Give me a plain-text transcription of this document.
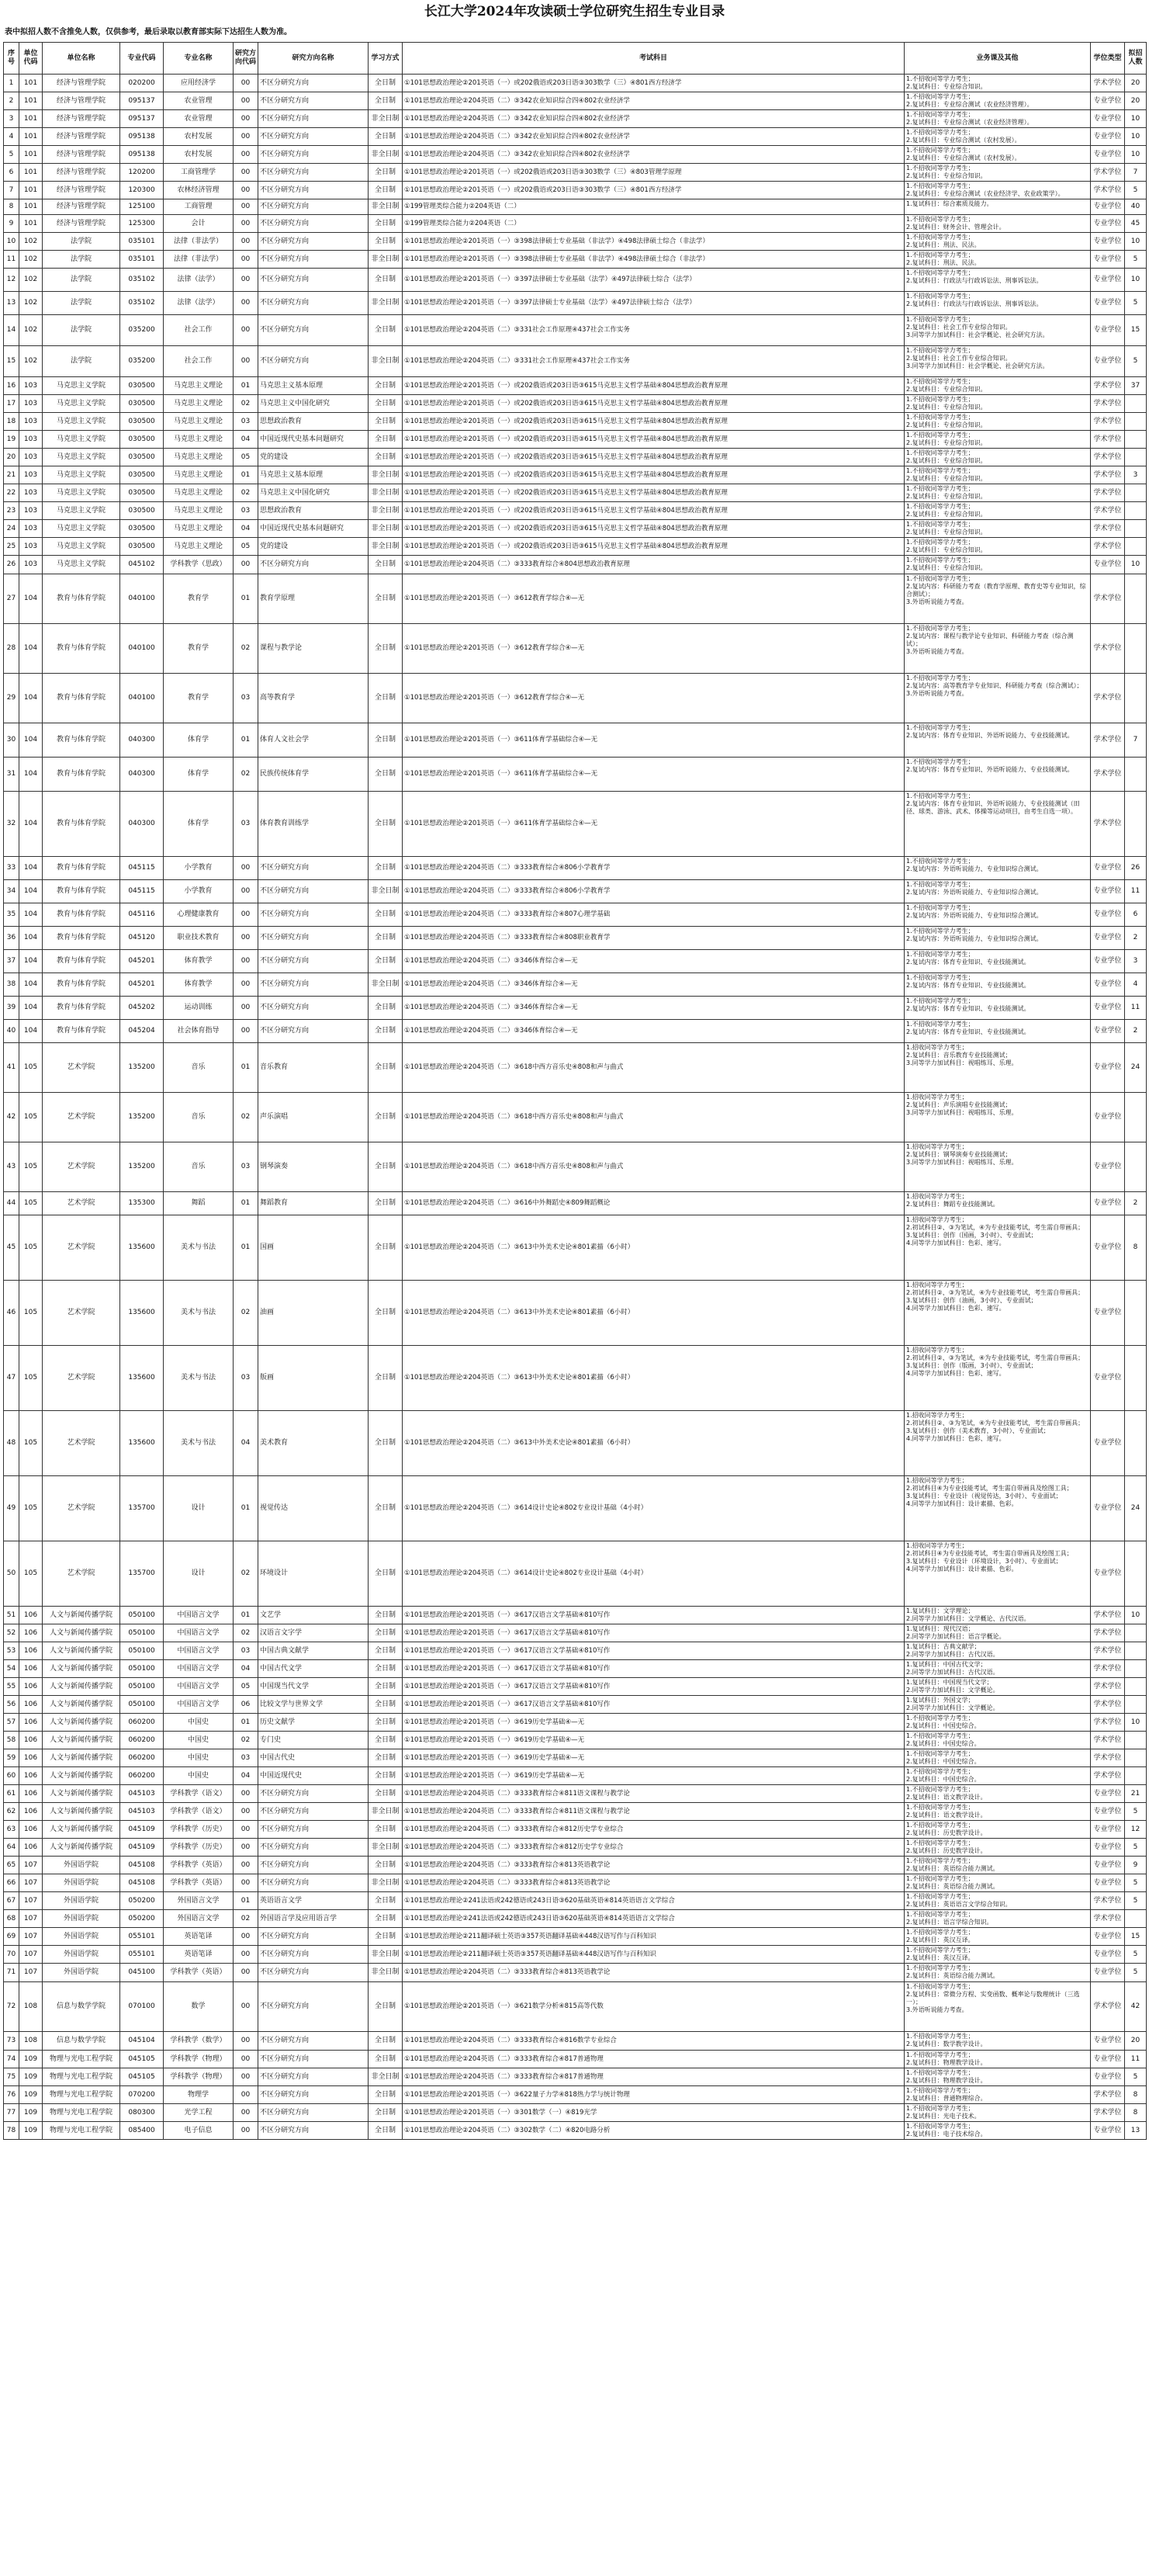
长江大学2024年攻读硕士学位研究生招生专业目录
表中拟招人数不含推免人数，仅供参考，最后录取以教育部实际下达招生人数为准。
序号	单位代码	单位名称	专业代码	专业名称	研究方向代码	研究方向名称	学习方式	考试科目	业务课及其他	学位类型	拟招人数
1	101	经济与管理学院	020200	应用经济学	00	不区分研究方向	全日制	①101思想政治理论②201英语（一）或202俄语或203日语③303数学（三）④801西方经济学	1.不招收同等学力考生；
2.复试科目：专业综合知识。	学术学位	20
2	101	经济与管理学院	095137	农业管理	00	不区分研究方向	全日制	①101思想政治理论②204英语（二）③342农业知识综合四④802农业经济学	1.不招收同等学力考生；
2.复试科目：专业综合测试（农业经济管理）。	专业学位	20
3	101	经济与管理学院	095137	农业管理	00	不区分研究方向	非全日制	①101思想政治理论②204英语（二）③342农业知识综合四④802农业经济学	1.不招收同等学力考生；
2.复试科目：专业综合测试（农业经济管理）。	专业学位	10
4	101	经济与管理学院	095138	农村发展	00	不区分研究方向	全日制	①101思想政治理论②204英语（二）③342农业知识综合四④802农业经济学	1.不招收同等学力考生；
2.复试科目：专业综合测试（农村发展）。	专业学位	10
5	101	经济与管理学院	095138	农村发展	00	不区分研究方向	非全日制	①101思想政治理论②204英语（二）③342农业知识综合四④802农业经济学	1.不招收同等学力考生；
2.复试科目：专业综合测试（农村发展）。	专业学位	10
6	101	经济与管理学院	120200	工商管理学	00	不区分研究方向	全日制	①101思想政治理论②201英语（一）或202俄语或203日语③303数学（三）④803管理学原理	1.不招收同等学力考生；
2.复试科目：专业综合知识。	学术学位	7
7	101	经济与管理学院	120300	农林经济管理	00	不区分研究方向	全日制	①101思想政治理论②201英语（一）或202俄语或203日语③303数学（三）④801西方经济学	1.不招收同等学力考生；
2.复试科目：专业综合测试（农业经济学、农业政策学）。	学术学位	5
8	101	经济与管理学院	125100	工商管理	00	不区分研究方向	非全日制	①199管理类综合能力②204英语（二）	1.复试科目：综合素质及能力。	专业学位	40
9	101	经济与管理学院	125300	会计	00	不区分研究方向	全日制	①199管理类综合能力②204英语（二）	1.不招收同等学力考生；
2.复试科目：财务会计、管理会计。	专业学位	45
10	102	法学院	035101	法律（非法学）	00	不区分研究方向	全日制	①101思想政治理论②201英语（一）③398法律硕士专业基础（非法学）④498法律硕士综合（非法学）	1.不招收同等学力考生；
2.复试科目：刑法、民法。	专业学位	10
11	102	法学院	035101	法律（非法学）	00	不区分研究方向	非全日制	①101思想政治理论②201英语（一）③398法律硕士专业基础（非法学）④498法律硕士综合（非法学）	1.不招收同等学力考生；
2.复试科目：刑法、民法。	专业学位	5
12	102	法学院	035102	法律（法学）	00	不区分研究方向	全日制	①101思想政治理论②201英语（一）③397法律硕士专业基础（法学）④497法律硕士综合（法学）	1.不招收同等学力考生；
2.复试科目：行政法与行政诉讼法、刑事诉讼法。	专业学位	10
13	102	法学院	035102	法律（法学）	00	不区分研究方向	非全日制	①101思想政治理论②201英语（一）③397法律硕士专业基础（法学）④497法律硕士综合（法学）	1.不招收同等学力考生；
2.复试科目：行政法与行政诉讼法、刑事诉讼法。	专业学位	5
14	102	法学院	035200	社会工作	00	不区分研究方向	全日制	①101思想政治理论②204英语（二）③331社会工作原理④437社会工作实务	1.不招收同等学力考生；
2.复试科目：社会工作专业综合知识。
3.同等学力加试科目：社会学概论、社会研究方法。	专业学位	15
15	102	法学院	035200	社会工作	00	不区分研究方向	非全日制	①101思想政治理论②204英语（二）③331社会工作原理④437社会工作实务	1.不招收同等学力考生；
2.复试科目：社会工作专业综合知识。
3.同等学力加试科目：社会学概论、社会研究方法。	专业学位	5
16	103	马克思主义学院	030500	马克思主义理论	01	马克思主义基本原理	全日制	①101思想政治理论②201英语（一）或202俄语或203日语③615马克思主义哲学基础④804思想政治教育原理	1.不招收同等学力考生；
2.复试科目：专业综合知识。	学术学位	37
17	103	马克思主义学院	030500	马克思主义理论	02	马克思主义中国化研究	全日制	①101思想政治理论②201英语（一）或202俄语或203日语③615马克思主义哲学基础④804思想政治教育原理	1.不招收同等学力考生；
2.复试科目：专业综合知识。	学术学位	
18	103	马克思主义学院	030500	马克思主义理论	03	思想政治教育	全日制	①101思想政治理论②201英语（一）或202俄语或203日语③615马克思主义哲学基础④804思想政治教育原理	1.不招收同等学力考生；
2.复试科目：专业综合知识。	学术学位	
19	103	马克思主义学院	030500	马克思主义理论	04	中国近现代史基本问题研究	全日制	①101思想政治理论②201英语（一）或202俄语或203日语③615马克思主义哲学基础④804思想政治教育原理	1.不招收同等学力考生；
2.复试科目：专业综合知识。	学术学位	
20	103	马克思主义学院	030500	马克思主义理论	05	党的建设	全日制	①101思想政治理论②201英语（一）或202俄语或203日语③615马克思主义哲学基础④804思想政治教育原理	1.不招收同等学力考生；
2.复试科目：专业综合知识。	学术学位	
21	103	马克思主义学院	030500	马克思主义理论	01	马克思主义基本原理	非全日制	①101思想政治理论②201英语（一）或202俄语或203日语③615马克思主义哲学基础④804思想政治教育原理	1.不招收同等学力考生；
2.复试科目：专业综合知识。	学术学位	3
22	103	马克思主义学院	030500	马克思主义理论	02	马克思主义中国化研究	非全日制	①101思想政治理论②201英语（一）或202俄语或203日语③615马克思主义哲学基础④804思想政治教育原理	1.不招收同等学力考生；
2.复试科目：专业综合知识。	学术学位	
23	103	马克思主义学院	030500	马克思主义理论	03	思想政治教育	非全日制	①101思想政治理论②201英语（一）或202俄语或203日语③615马克思主义哲学基础④804思想政治教育原理	1.不招收同等学力考生；
2.复试科目：专业综合知识。	学术学位	
24	103	马克思主义学院	030500	马克思主义理论	04	中国近现代史基本问题研究	非全日制	①101思想政治理论②201英语（一）或202俄语或203日语③615马克思主义哲学基础④804思想政治教育原理	1.不招收同等学力考生；
2.复试科目：专业综合知识。	学术学位	
25	103	马克思主义学院	030500	马克思主义理论	05	党的建设	非全日制	①101思想政治理论②201英语（一）或202俄语或203日语③615马克思主义哲学基础④804思想政治教育原理	1.不招收同等学力考生；
2.复试科目：专业综合知识。	学术学位	
26	103	马克思主义学院	045102	学科教学（思政）	00	不区分研究方向	全日制	①101思想政治理论②204英语（二）③333教育综合④804思想政治教育原理	1.不招收同等学力考生；
2.复试科目：专业综合知识。	专业学位	10
27	104	教育与体育学院	040100	教育学	01	教育学原理	全日制	①101思想政治理论②201英语（一）③612教育学综合④—无	1.不招收同等学力考生；
2.复试内容：科研能力考查（教育学原理、教育史等专业知识，综合测试）；
3.外语听说能力考查。	学术学位	
28	104	教育与体育学院	040100	教育学	02	课程与教学论	全日制	①101思想政治理论②201英语（一）③612教育学综合④—无	1.不招收同等学力考生；
2.复试内容：课程与教学论专业知识、科研能力考查（综合测试）；
3.外语听说能力考查。	学术学位	
29	104	教育与体育学院	040100	教育学	03	高等教育学	全日制	①101思想政治理论②201英语（一）③612教育学综合④—无	1.不招收同等学力考生；
2.复试内容：高等教育学专业知识、科研能力考查（综合测试）；
3.外语听说能力考查。	学术学位	
30	104	教育与体育学院	040300	体育学	01	体育人文社会学	全日制	①101思想政治理论②201英语（一）③611体育学基础综合④—无	1.不招收同等学力考生；
2.复试内容：体育专业知识、外语听说能力、专业技能测试。	学术学位	7
31	104	教育与体育学院	040300	体育学	02	民族传统体育学	全日制	①101思想政治理论②201英语（一）③611体育学基础综合④—无	1.不招收同等学力考生；
2.复试内容：体育专业知识、外语听说能力、专业技能测试。	学术学位	
32	104	教育与体育学院	040300	体育学	03	体育教育训练学	全日制	①101思想政治理论②201英语（一）③611体育学基础综合④—无	1.不招收同等学力考生；
2.复试内容：体育专业知识、外语听说能力、专业技能测试（田径、球类、游泳、武术、体操等运动项目，由考生自选一项）。	学术学位	
33	104	教育与体育学院	045115	小学教育	00	不区分研究方向	全日制	①101思想政治理论②204英语（二）③333教育综合④806小学教育学	1.不招收同等学力考生；
2.复试内容：外语听说能力、专业知识综合测试。	专业学位	26
34	104	教育与体育学院	045115	小学教育	00	不区分研究方向	非全日制	①101思想政治理论②204英语（二）③333教育综合④806小学教育学	1.不招收同等学力考生；
2.复试内容：外语听说能力、专业知识综合测试。	专业学位	11
35	104	教育与体育学院	045116	心理健康教育	00	不区分研究方向	全日制	①101思想政治理论②204英语（二）③333教育综合④807心理学基础	1.不招收同等学力考生；
2.复试内容：外语听说能力、专业知识综合测试。	专业学位	6
36	104	教育与体育学院	045120	职业技术教育	00	不区分研究方向	全日制	①101思想政治理论②204英语（二）③333教育综合④808职业教育学	1.不招收同等学力考生；
2.复试内容：外语听说能力、专业知识综合测试。	专业学位	2
37	104	教育与体育学院	045201	体育教学	00	不区分研究方向	全日制	①101思想政治理论②204英语（二）③346体育综合④—无	1.不招收同等学力考生；
2.复试内容：体育专业知识、专业技能测试。	专业学位	3
38	104	教育与体育学院	045201	体育教学	00	不区分研究方向	非全日制	①101思想政治理论②204英语（二）③346体育综合④—无	1.不招收同等学力考生；
2.复试内容：体育专业知识、专业技能测试。	专业学位	4
39	104	教育与体育学院	045202	运动训练	00	不区分研究方向	全日制	①101思想政治理论②204英语（二）③346体育综合④—无	1.不招收同等学力考生；
2.复试内容：体育专业知识、专业技能测试。	专业学位	11
40	104	教育与体育学院	045204	社会体育指导	00	不区分研究方向	全日制	①101思想政治理论②204英语（二）③346体育综合④—无	1.不招收同等学力考生；
2.复试内容：体育专业知识、专业技能测试。	专业学位	2
41	105	艺术学院	135200	音乐	01	音乐教育	全日制	①101思想政治理论②204英语（二）③618中西方音乐史④808和声与曲式	1.招收同等学力考生；
2.复试科目：音乐教育专业技能测试；
3.同等学力加试科目：视唱练耳、乐理。	专业学位	24
42	105	艺术学院	135200	音乐	02	声乐演唱	全日制	①101思想政治理论②204英语（二）③618中西方音乐史④808和声与曲式	1.招收同等学力考生；
2.复试科目：声乐演唱专业技能测试；
3.同等学力加试科目：视唱练耳、乐理。	专业学位	
43	105	艺术学院	135200	音乐	03	钢琴演奏	全日制	①101思想政治理论②204英语（二）③618中西方音乐史④808和声与曲式	1.招收同等学力考生；
2.复试科目：钢琴演奏专业技能测试；
3.同等学力加试科目：视唱练耳、乐理。	专业学位	
44	105	艺术学院	135300	舞蹈	01	舞蹈教育	全日制	①101思想政治理论②204英语（二）③616中外舞蹈史④809舞蹈概论	1.招收同等学力考生；
2.复试科目：舞蹈专业技能测试。	专业学位	2
45	105	艺术学院	135600	美术与书法	01	国画	全日制	①101思想政治理论②204英语（二）③613中外美术史论④801素描（6小时）	1.招收同等学力考生；
2.初试科目②、③为笔试，④为专业技能考试，考生需自带画具；
3.复试科目：创作（国画，3小时）、专业面试；
4.同等学力加试科目：色彩、速写。	专业学位	8
46	105	艺术学院	135600	美术与书法	02	油画	全日制	①101思想政治理论②204英语（二）③613中外美术史论④801素描（6小时）	1.招收同等学力考生；
2.初试科目②、③为笔试，④为专业技能考试，考生需自带画具；
3.复试科目：创作（油画，3小时）、专业面试；
4.同等学力加试科目：色彩、速写。	专业学位	
47	105	艺术学院	135600	美术与书法	03	版画	全日制	①101思想政治理论②204英语（二）③613中外美术史论④801素描（6小时）	1.招收同等学力考生；
2.初试科目②、③为笔试，④为专业技能考试，考生需自带画具；
3.复试科目：创作（版画，3小时）、专业面试；
4.同等学力加试科目：色彩、速写。	专业学位	
48	105	艺术学院	135600	美术与书法	04	美术教育	全日制	①101思想政治理论②204英语（二）③613中外美术史论④801素描（6小时）	1.招收同等学力考生；
2.初试科目②、③为笔试，④为专业技能考试，考生需自带画具；
3.复试科目：创作（美术教育，3小时）、专业面试；
4.同等学力加试科目：色彩、速写。	专业学位	
49	105	艺术学院	135700	设计	01	视觉传达	全日制	①101思想政治理论②204英语（二）③614设计史论④802专业设计基础（4小时）	1.招收同等学力考生；
2.初试科目④为专业技能考试，考生需自带画具及绘图工具；
3.复试科目：专业设计（视觉传达，3小时）、专业面试；
4.同等学力加试科目：设计素描、色彩。	专业学位	24
50	105	艺术学院	135700	设计	02	环境设计	全日制	①101思想政治理论②204英语（二）③614设计史论④802专业设计基础（4小时）	1.招收同等学力考生；
2.初试科目④为专业技能考试，考生需自带画具及绘图工具；
3.复试科目：专业设计（环境设计，3小时）、专业面试；
4.同等学力加试科目：设计素描、色彩。	专业学位	
51	106	人文与新闻传播学院	050100	中国语言文学	01	文艺学	全日制	①101思想政治理论②201英语（一）③617汉语言文学基础④810写作	1.复试科目：文学理论；
2.同等学力加试科目：文学概论、古代汉语。	学术学位	10
52	106	人文与新闻传播学院	050100	中国语言文学	02	汉语言文字学	全日制	①101思想政治理论②201英语（一）③617汉语言文学基础④810写作	1.复试科目：现代汉语；
2.同等学力加试科目：语言学概论。	学术学位	
53	106	人文与新闻传播学院	050100	中国语言文学	03	中国古典文献学	全日制	①101思想政治理论②201英语（一）③617汉语言文学基础④810写作	1.复试科目：古典文献学；
2.同等学力加试科目：古代汉语。	学术学位	
54	106	人文与新闻传播学院	050100	中国语言文学	04	中国古代文学	全日制	①101思想政治理论②201英语（一）③617汉语言文学基础④810写作	1.复试科目：中国古代文学；
2.同等学力加试科目：古代汉语。	学术学位	
55	106	人文与新闻传播学院	050100	中国语言文学	05	中国现当代文学	全日制	①101思想政治理论②201英语（一）③617汉语言文学基础④810写作	1.复试科目：中国现当代文学；
2.同等学力加试科目：文学概论。	学术学位	
56	106	人文与新闻传播学院	050100	中国语言文学	06	比较文学与世界文学	全日制	①101思想政治理论②201英语（一）③617汉语言文学基础④810写作	1.复试科目：外国文学；
2.同等学力加试科目：文学概论。	学术学位	
57	106	人文与新闻传播学院	060200	中国史	01	历史文献学	全日制	①101思想政治理论②201英语（一）③619历史学基础④—无	1.不招收同等学力考生；
2.复试科目：中国史综合。	学术学位	10
58	106	人文与新闻传播学院	060200	中国史	02	专门史	全日制	①101思想政治理论②201英语（一）③619历史学基础④—无	1.不招收同等学力考生；
2.复试科目：中国史综合。	学术学位	
59	106	人文与新闻传播学院	060200	中国史	03	中国古代史	全日制	①101思想政治理论②201英语（一）③619历史学基础④—无	1.不招收同等学力考生；
2.复试科目：中国史综合。	学术学位	
60	106	人文与新闻传播学院	060200	中国史	04	中国近现代史	全日制	①101思想政治理论②201英语（一）③619历史学基础④—无	1.不招收同等学力考生；
2.复试科目：中国史综合。	学术学位	
61	106	人文与新闻传播学院	045103	学科教学（语文）	00	不区分研究方向	全日制	①101思想政治理论②204英语（二）③333教育综合④811语文课程与教学论	1.不招收同等学力考生；
2.复试科目：语文教学设计。	专业学位	21
62	106	人文与新闻传播学院	045103	学科教学（语文）	00	不区分研究方向	非全日制	①101思想政治理论②204英语（二）③333教育综合④811语文课程与教学论	1.不招收同等学力考生；
2.复试科目：语文教学设计。	专业学位	5
63	106	人文与新闻传播学院	045109	学科教学（历史）	00	不区分研究方向	全日制	①101思想政治理论②204英语（二）③333教育综合④812历史学专业综合	1.不招收同等学力考生；
2.复试科目：历史教学设计。	专业学位	12
64	106	人文与新闻传播学院	045109	学科教学（历史）	00	不区分研究方向	非全日制	①101思想政治理论②204英语（二）③333教育综合④812历史学专业综合	1.不招收同等学力考生；
2.复试科目：历史教学设计。	专业学位	5
65	107	外国语学院	045108	学科教学（英语）	00	不区分研究方向	全日制	①101思想政治理论②204英语（二）③333教育综合④813英语教学论	1.不招收同等学力考生；
2.复试科目：英语综合能力测试。	专业学位	9
66	107	外国语学院	045108	学科教学（英语）	00	不区分研究方向	非全日制	①101思想政治理论②204英语（二）③333教育综合④813英语教学论	1.不招收同等学力考生；
2.复试科目：英语综合能力测试。	专业学位	5
67	107	外国语学院	050200	外国语言文学	01	英语语言文学	全日制	①101思想政治理论②241法语或242德语或243日语③620基础英语④814英语语言文学综合	1.不招收同等学力考生；
2.复试科目：英语语言文学综合知识。	学术学位	5
68	107	外国语学院	050200	外国语言文学	02	外国语言学及应用语言学	全日制	①101思想政治理论②241法语或242德语或243日语③620基础英语④814英语语言文学综合	1.不招收同等学力考生；
2.复试科目：语言学综合知识。	学术学位	
69	107	外国语学院	055101	英语笔译	00	不区分研究方向	全日制	①101思想政治理论②211翻译硕士英语③357英语翻译基础④448汉语写作与百科知识	1.不招收同等学力考生；
2.复试科目：英汉互译。	专业学位	15
70	107	外国语学院	055101	英语笔译	00	不区分研究方向	非全日制	①101思想政治理论②211翻译硕士英语③357英语翻译基础④448汉语写作与百科知识	1.不招收同等学力考生；
2.复试科目：英汉互译。	专业学位	5
71	107	外国语学院	045100	学科教学（英语）	00	不区分研究方向	非全日制	①101思想政治理论②204英语（二）③333教育综合④813英语教学论	1.不招收同等学力考生；
2.复试科目：英语综合能力测试。	专业学位	5
72	108	信息与数学学院	070100	数学	00	不区分研究方向	全日制	①101思想政治理论②201英语（一）③621数学分析④815高等代数	1.不招收同等学力考生；
2.复试科目：常微分方程、实变函数、概率论与数理统计（三选一）；
3.外语听说能力考查。	学术学位	42
73	108	信息与数学学院	045104	学科教学（数学）	00	不区分研究方向	全日制	①101思想政治理论②204英语（二）③333教育综合④816数学专业综合	1.不招收同等学力考生；
2.复试科目：数学教学设计。	专业学位	20
74	109	物理与光电工程学院	045105	学科教学（物理）	00	不区分研究方向	全日制	①101思想政治理论②204英语（二）③333教育综合④817普通物理	1.不招收同等学力考生；
2.复试科目：物理教学设计。	专业学位	11
75	109	物理与光电工程学院	045105	学科教学（物理）	00	不区分研究方向	非全日制	①101思想政治理论②204英语（二）③333教育综合④817普通物理	1.不招收同等学力考生；
2.复试科目：物理教学设计。	专业学位	5
76	109	物理与光电工程学院	070200	物理学	00	不区分研究方向	全日制	①101思想政治理论②201英语（一）③622量子力学④818热力学与统计物理	1.不招收同等学力考生；
2.复试科目：普通物理综合。	学术学位	8
77	109	物理与光电工程学院	080300	光学工程	00	不区分研究方向	全日制	①101思想政治理论②201英语（一）③301数学（一）④819光学	1.不招收同等学力考生；
2.复试科目：光电子技术。	学术学位	8
78	109	物理与光电工程学院	085400	电子信息	00	不区分研究方向	全日制	①101思想政治理论②204英语（二）③302数学（二）④820电路分析	1.不招收同等学力考生；
2.复试科目：电子技术综合。	专业学位	13
